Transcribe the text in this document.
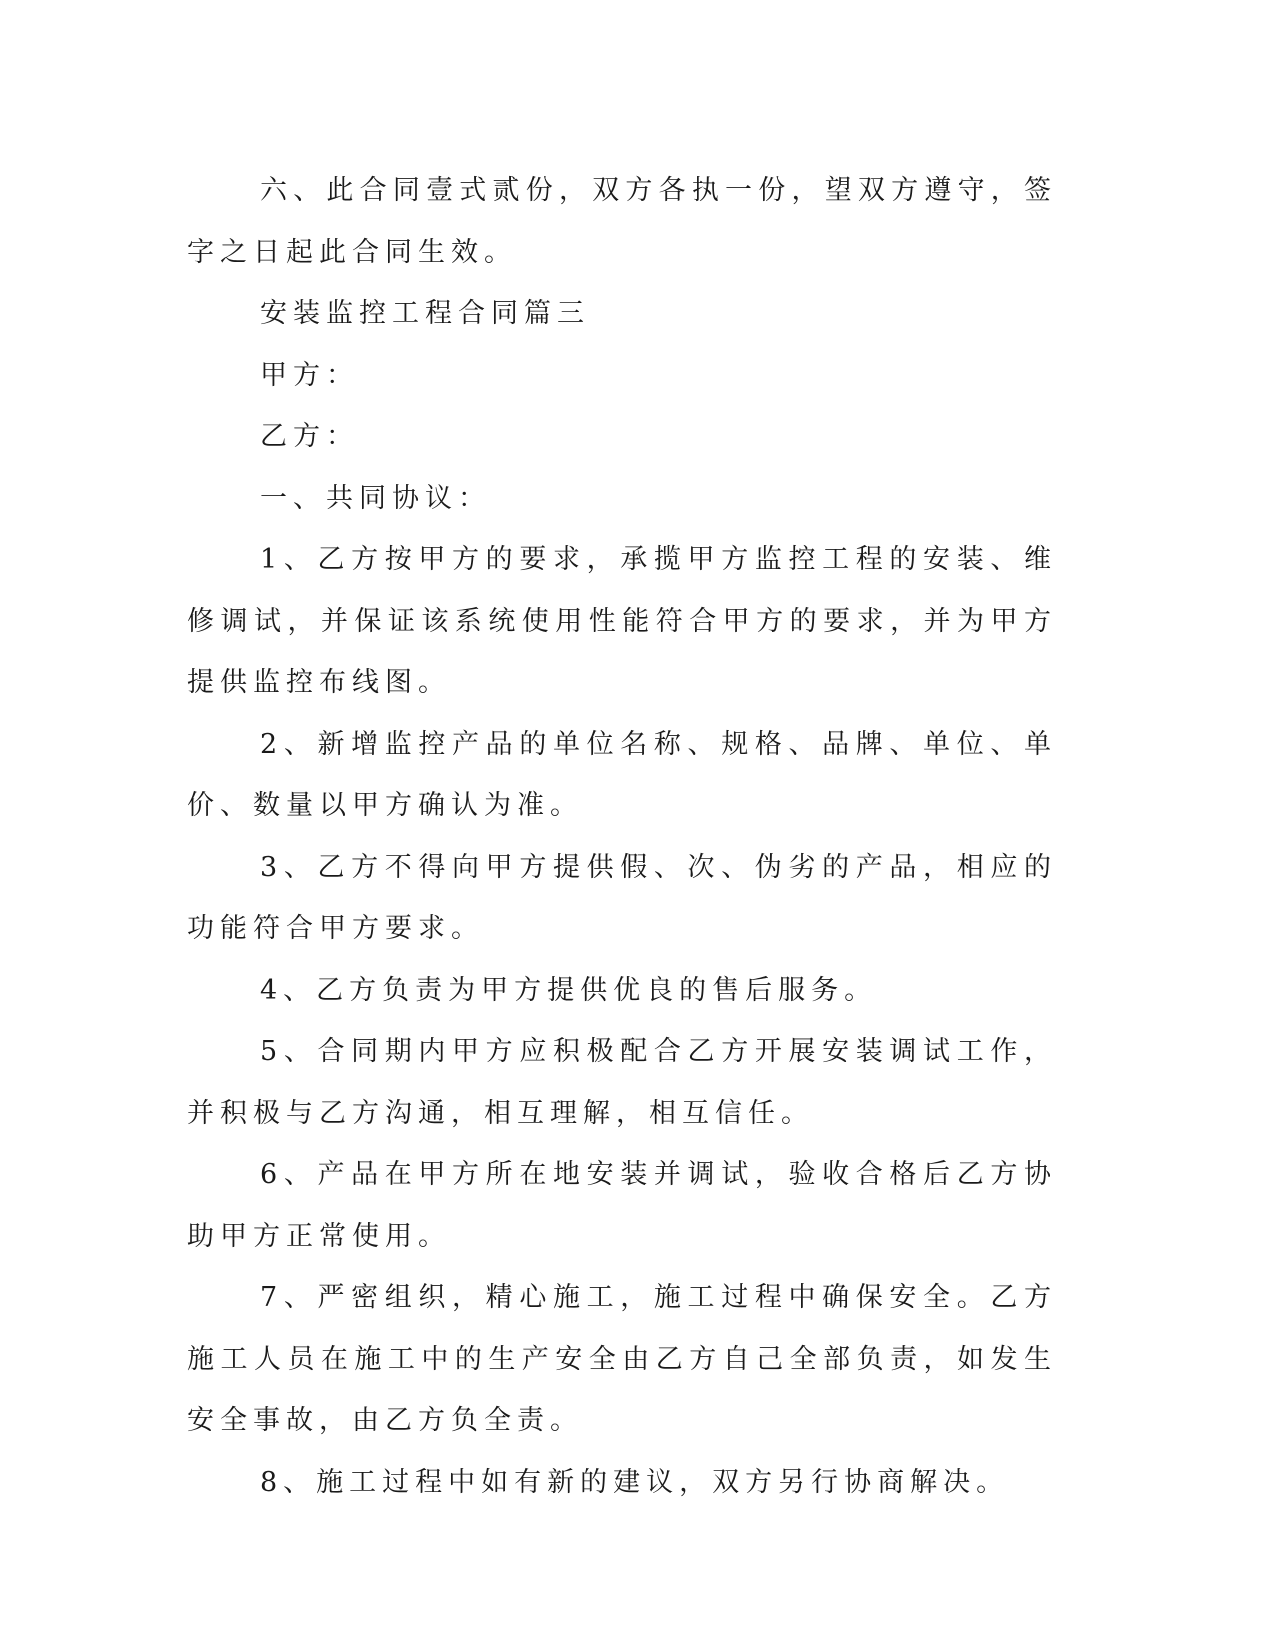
六、此合同壹式贰份，双方各执一份，望双方遵守，签字之日起此合同生效。

安装监控工程合同篇三

甲方：

乙方：

一、共同协议：

1、乙方按甲方的要求，承揽甲方监控工程的安装、维修调试，并保证该系统使用性能符合甲方的要求，并为甲方提供监控布线图。

2、新增监控产品的单位名称、规格、品牌、单位、单价、数量以甲方确认为准。

3、乙方不得向甲方提供假、次、伪劣的产品，相应的功能符合甲方要求。

4、乙方负责为甲方提供优良的售后服务。

5、合同期内甲方应积极配合乙方开展安装调试工作，并积极与乙方沟通，相互理解，相互信任。

6、产品在甲方所在地安装并调试，验收合格后乙方协助甲方正常使用。

7、严密组织，精心施工，施工过程中确保安全。乙方施工人员在施工中的生产安全由乙方自己全部负责，如发生安全事故，由乙方负全责。

8、施工过程中如有新的建议，双方另行协商解决。
